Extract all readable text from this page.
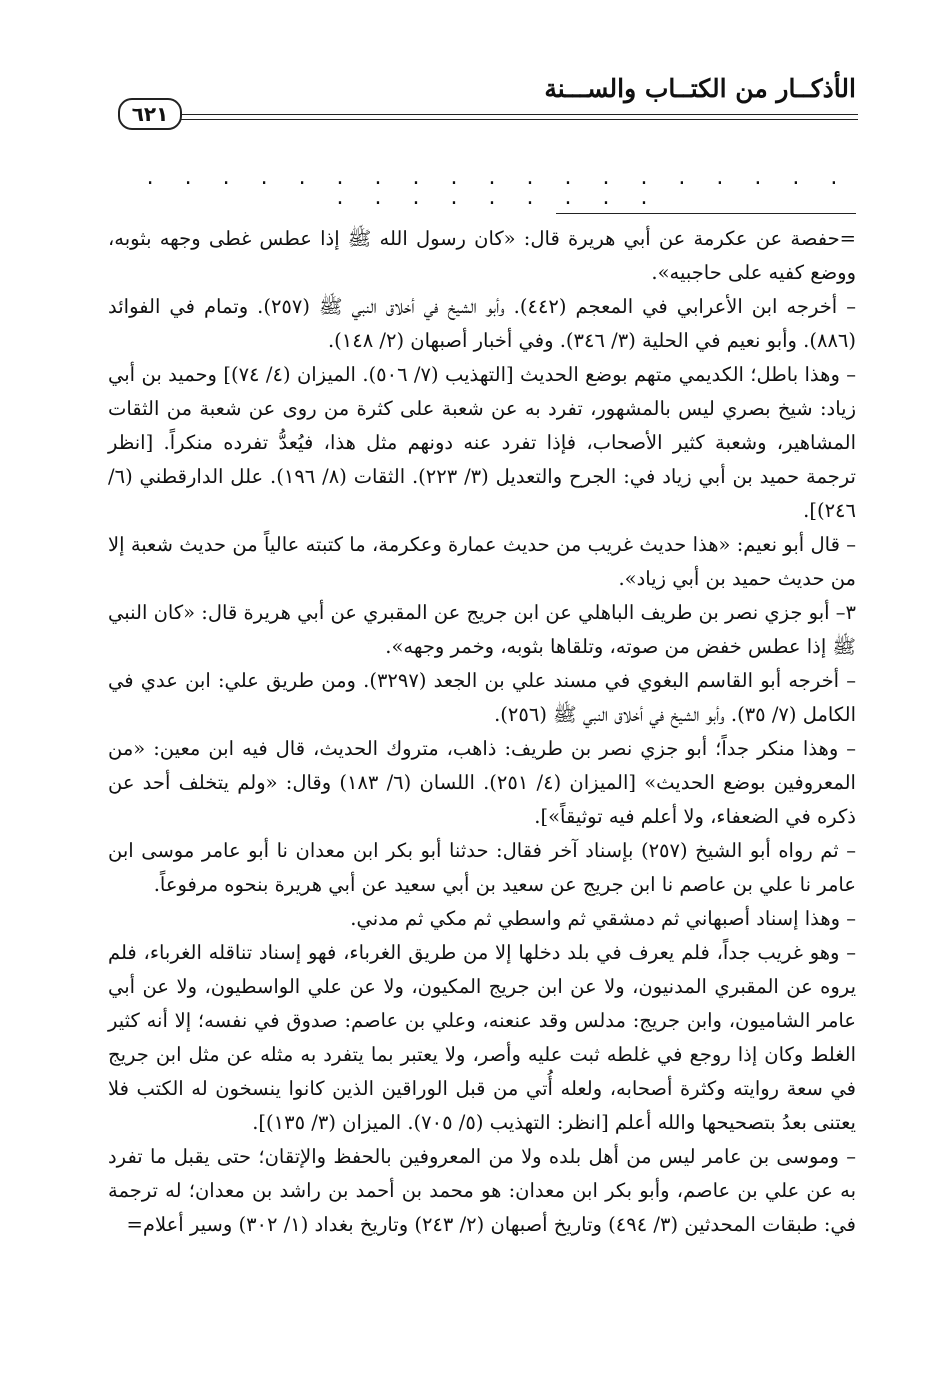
الأذكــار من الكتــاب والســـنة
٦٢١
. . . . . . . . . . . . . . . . . . . . . . . . . . . .

=حفصة عن عكرمة عن أبي هريرة قال: «كان رسول الله ﷺ إذا عطس غطى وجهه بثوبه، ووضع كفيه على حاجبيه».

– أخرجه ابن الأعرابي في المعجم (٤٤٢). وأبو الشيخ في أخلاق النبي ﷺ (٢٥٧). وتمام في الفوائد (٨٨٦). وأبو نعيم في الحلية (٣/ ٣٤٦). وفي أخبار أصبهان (٢/ ١٤٨).

– وهذا باطل؛ الكديمي متهم بوضع الحديث [التهذيب (٧/ ٥٠٦). الميزان (٤/ ٧٤)] وحميد بن أبي زياد: شيخ بصري ليس بالمشهور، تفرد به عن شعبة على كثرة من روى عن شعبة من الثقات المشاهير، وشعبة كثير الأصحاب، فإذا تفرد عنه دونهم مثل هذا، فيُعدُّ تفرده منكراً. [انظر ترجمة حميد بن أبي زياد في: الجرح والتعديل (٣/ ٢٢٣). الثقات (٨/ ١٩٦). علل الدارقطني (٦/ ٢٤٦)].

– قال أبو نعيم: «هذا حديث غريب من حديث عمارة وعكرمة، ما كتبته عالياً من حديث شعبة إلا من حديث حميد بن أبي زياد».

٣– أبو جزي نصر بن طريف الباهلي عن ابن جريج عن المقبري عن أبي هريرة قال: «كان النبي ﷺ إذا عطس خفض من صوته، وتلقاها بثوبه، وخمر وجهه».

– أخرجه أبو القاسم البغوي في مسند علي بن الجعد (٣٢٩٧). ومن طريق علي: ابن عدي في الكامل (٧/ ٣٥). وأبو الشيخ في أخلاق النبي ﷺ (٢٥٦).

– وهذا منكر جداً؛ أبو جزي نصر بن طريف: ذاهب، متروك الحديث، قال فيه ابن معين: «من المعروفين بوضع الحديث» [الميزان (٤/ ٢٥١). اللسان (٦/ ١٨٣) وقال: «ولم يتخلف أحد عن ذكره في الضعفاء، ولا أعلم فيه توثيقاً»].

– ثم رواه أبو الشيخ (٢٥٧) بإسناد آخر فقال: حدثنا أبو بكر ابن معدان نا أبو عامر موسى ابن عامر نا علي بن عاصم نا ابن جريج عن سعيد بن أبي سعيد عن أبي هريرة بنحوه مرفوعاً.

– وهذا إسناد أصبهاني ثم دمشقي ثم واسطي ثم مكي ثم مدني.

– وهو غريب جداً، فلم يعرف في بلد دخلها إلا من طريق الغرباء، فهو إسناد تناقله الغرباء، فلم يروه عن المقبري المدنيون، ولا عن ابن جريج المكيون، ولا عن علي الواسطيون، ولا عن أبي عامر الشاميون، وابن جريج: مدلس وقد عنعنه، وعلي بن عاصم: صدوق في نفسه؛ إلا أنه كثير الغلط وكان إذا روجع في غلطه ثبت عليه وأصر، ولا يعتبر بما يتفرد به مثله عن مثل ابن جريج في سعة روايته وكثرة أصحابه، ولعله أُتي من قبل الوراقين الذين كانوا ينسخون له الكتب فلا يعتنى بعدُ بتصحيحها والله أعلم [انظر: التهذيب (٥/ ٧٠٥). الميزان (٣/ ١٣٥)].

– وموسى بن عامر ليس من أهل بلده ولا من المعروفين بالحفظ والإتقان؛ حتى يقبل ما تفرد به عن علي بن عاصم، وأبو بكر ابن معدان: هو محمد بن أحمد بن راشد بن معدان؛ له ترجمة في: طبقات المحدثين (٣/ ٤٩٤) وتاريخ أصبهان (٢/ ٢٤٣) وتاريخ بغداد (١/ ٣٠٢) وسير أعلام=
